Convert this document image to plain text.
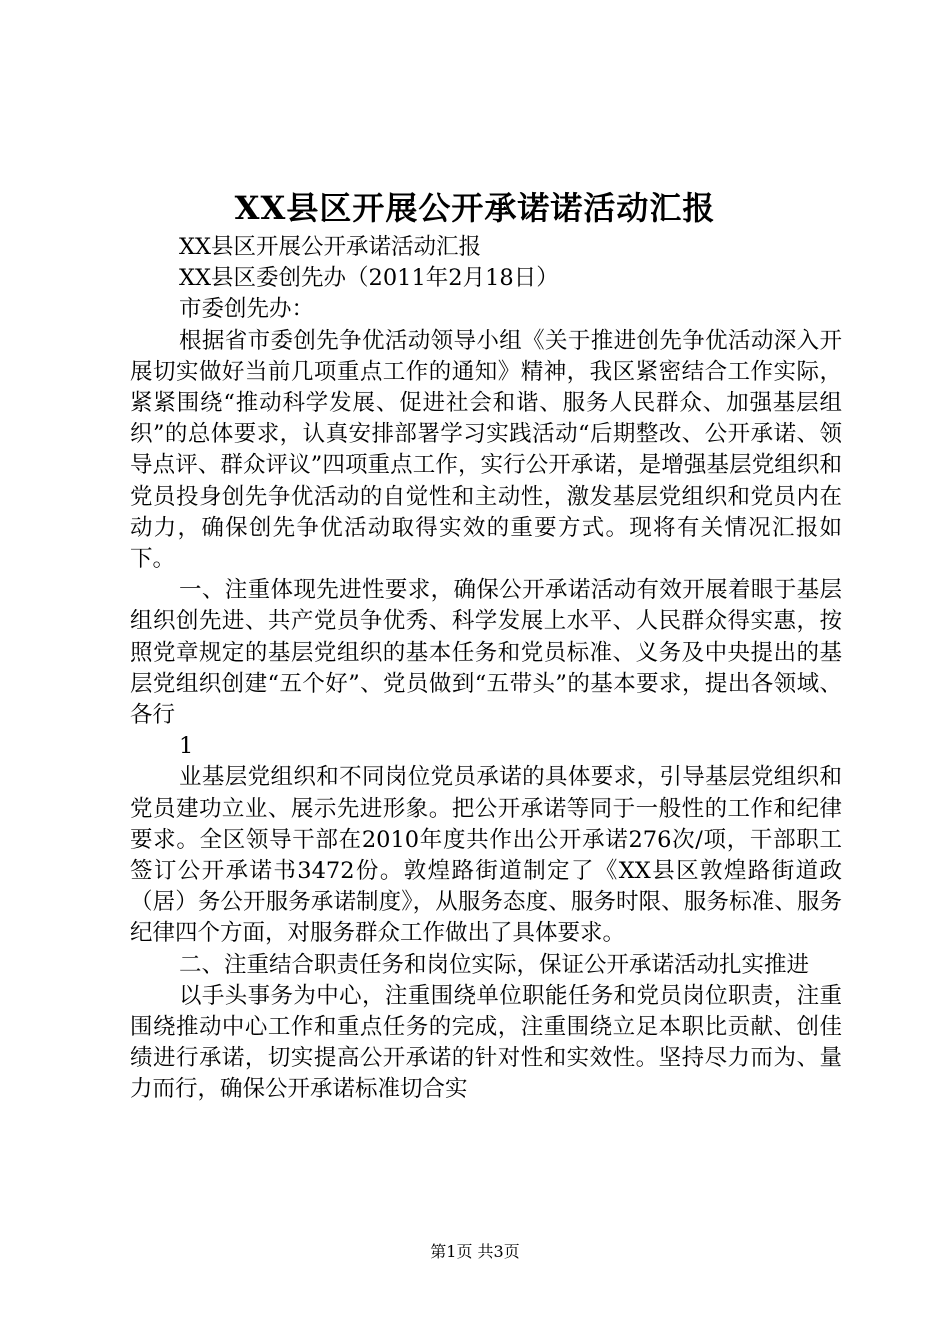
XX县区开展公开承诺诺活动汇报

XX县区开展公开承诺活动汇报

XX县区委创先办（2011年2月18日）

市委创先办：

根据省市委创先争优活动领导小组《关于推进创先争优活动深入开展切实做好当前几项重点工作的通知》精神，我区紧密结合工作实际，紧紧围绕“推动科学发展、促进社会和谐、服务人民群众、加强基层组织”的总体要求，认真安排部署学习实践活动“后期整改、公开承诺、领导点评、群众评议”四项重点工作，实行公开承诺，是增强基层党组织和党员投身创先争优活动的自觉性和主动性，激发基层党组织和党员内在动力，确保创先争优活动取得实效的重要方式。现将有关情况汇报如下。

一、注重体现先进性要求，确保公开承诺活动有效开展着眼于基层组织创先进、共产党员争优秀、科学发展上水平、人民群众得实惠，按照党章规定的基层党组织的基本任务和党员标准、义务及中央提出的基层党组织创建“五个好”、党员做到“五带头”的基本要求，提出各领域、各行

1

业基层党组织和不同岗位党员承诺的具体要求，引导基层党组织和党员建功立业、展示先进形象。把公开承诺等同于一般性的工作和纪律要求。全区领导干部在2010年度共作出公开承诺276次/项，干部职工签订公开承诺书3472份。敦煌路街道制定了《XX县区敦煌路街道政（居）务公开服务承诺制度》，从服务态度、服务时限、服务标准、服务纪律四个方面，对服务群众工作做出了具体要求。

二、注重结合职责任务和岗位实际，保证公开承诺活动扎实推进

以手头事务为中心，注重围绕单位职能任务和党员岗位职责，注重围绕推动中心工作和重点任务的完成，注重围绕立足本职比贡献、创佳绩进行承诺，切实提高公开承诺的针对性和实效性。坚持尽力而为、量力而行，确保公开承诺标准切合实

第1页 共3页
